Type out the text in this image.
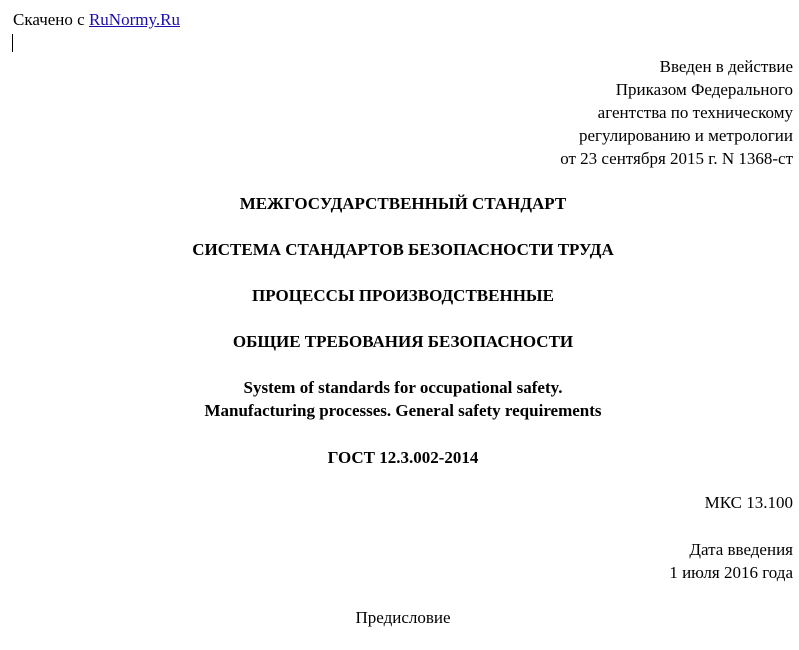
Скачено с RuNormy.Ru
Введен в действие
Приказом Федерального
агентства по техническому
регулированию и метрологии
от 23 сентября 2015 г. N 1368-ст
МЕЖГОСУДАРСТВЕННЫЙ СТАНДАРТ
СИСТЕМА СТАНДАРТОВ БЕЗОПАСНОСТИ ТРУДА
ПРОЦЕССЫ ПРОИЗВОДСТВЕННЫЕ
ОБЩИЕ ТРЕБОВАНИЯ БЕЗОПАСНОСТИ
System of standards for occupational safety.
Manufacturing processes. General safety requirements
ГОСТ 12.3.002-2014
МКС 13.100
Дата введения
1 июля 2016 года
Предисловие
